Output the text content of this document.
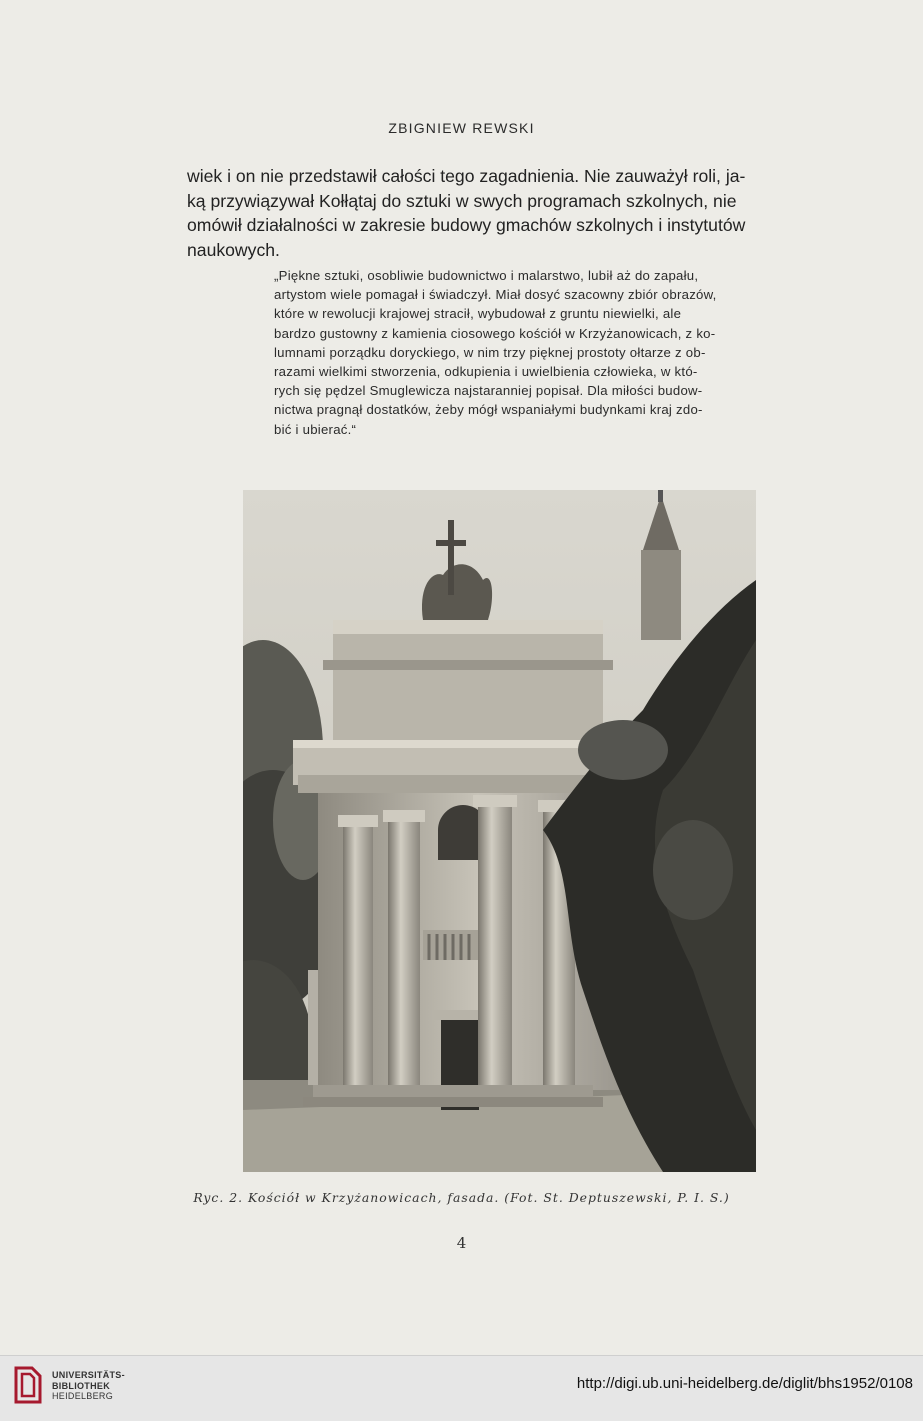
ZBIGNIEW REWSKI
wiek i on nie przedstawił całości tego zagadnienia. Nie zauważył roli, ja-
ką przywiązywał Kołłątaj do sztuki w swych programach szkolnych, nie
omówił działalności w zakresie budowy gmachów szkolnych i instytutów
naukowych.
„Piękne sztuki, osobliwie budownictwo i malarstwo, lubił aż do zapału,
artystom wiele pomagał i świadczył. Miał dosyć szacowny zbiór obrazów,
które w rewolucji krajowej stracił, wybudował z gruntu niewielki, ale
bardzo gustowny z kamienia ciosowego kościół w Krzyżanowicach, z ko-
lumnami porządku doryckiego, w nim trzy pięknej prostoty ołtarze z ob-
razami wielkimi stworzenia, odkupienia i uwielbienia człowieka, w któ-
rych się pędzel Smuglewicza najstaranniej popisał. Dla miłości budow-
nictwa pragnął dostatków, żeby mógł wspaniałymi budynkami kraj zdo-
bić i ubierać.“
Ryc. 2. Kościół w Krzyżanowicach, fasada. (Fot. St. Deptuszewski, P. I. S.)
4
UNIVERSITÄTS-
BIBLIOTHEK
HEIDELBERG
http://digi.ub.uni-heidelberg.de/diglit/bhs1952/0108
